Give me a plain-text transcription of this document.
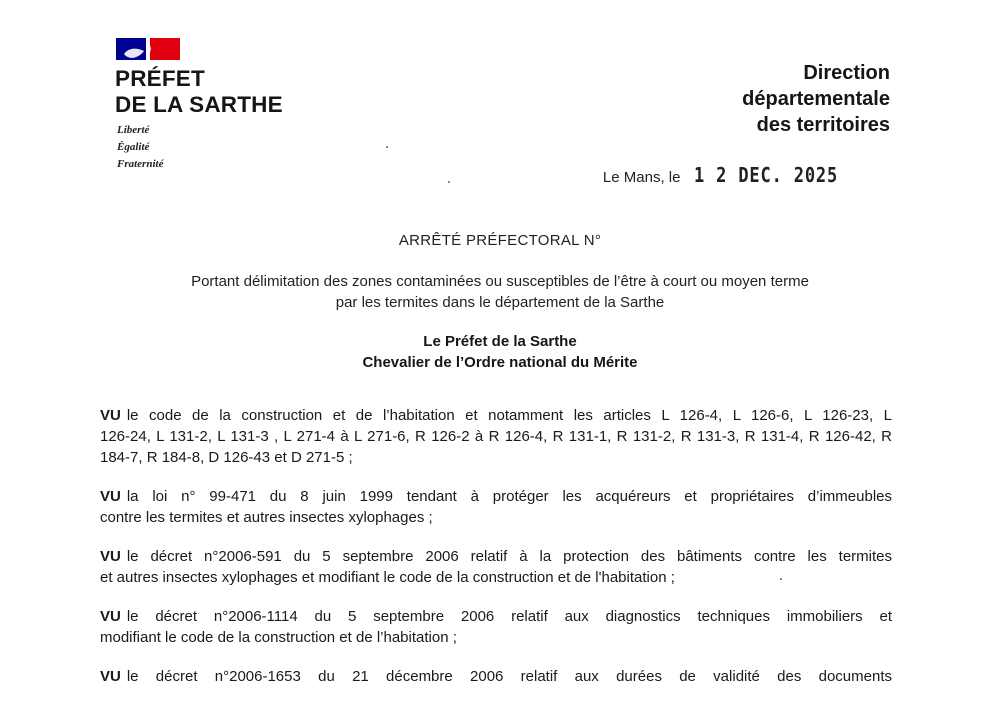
PRÉFET
DE LA SARTHE
Liberté
Égalité
Fraternité
Direction
départementale
des territoires
Le Mans, le 1 2 DEC. 2025
ARRÊTÉ PRÉFECTORAL N°
Portant délimitation des zones contaminées ou susceptibles de l’être à court ou moyen terme
par les termites dans le département de la Sarthe
Le Préfet de la Sarthe
Chevalier de l’Ordre national du Mérite

VU le code de la construction et de l’habitation et notamment les articles L 126-4, L 126-6, L 126-23, L
126-24, L 131-2, L 131-3 , L 271-4 à L 271-6, R 126-2 à R 126-4, R 131-1, R 131-2, R 131-3, R 131-4, R 126-42, R
184-7, R 184-8, D 126-43 et D 271-5 ;

VU la loi n° 99-471 du 8 juin 1999 tendant à protéger les acquéreurs et propriétaires d’immeubles
contre les termites et autres insectes xylophages ;

VU le décret n°2006-591 du 5 septembre 2006 relatif à la protection des bâtiments contre les termites
et autres insectes xylophages et modifiant le code de la construction et de l'habitation ;

VU le décret n°2006-1114 du 5 septembre 2006 relatif aux diagnostics techniques immobiliers et
modifiant le code de la construction et de l’habitation ;

VU le décret n°2006-1653 du 21 décembre 2006 relatif aux durées de validité des documents
